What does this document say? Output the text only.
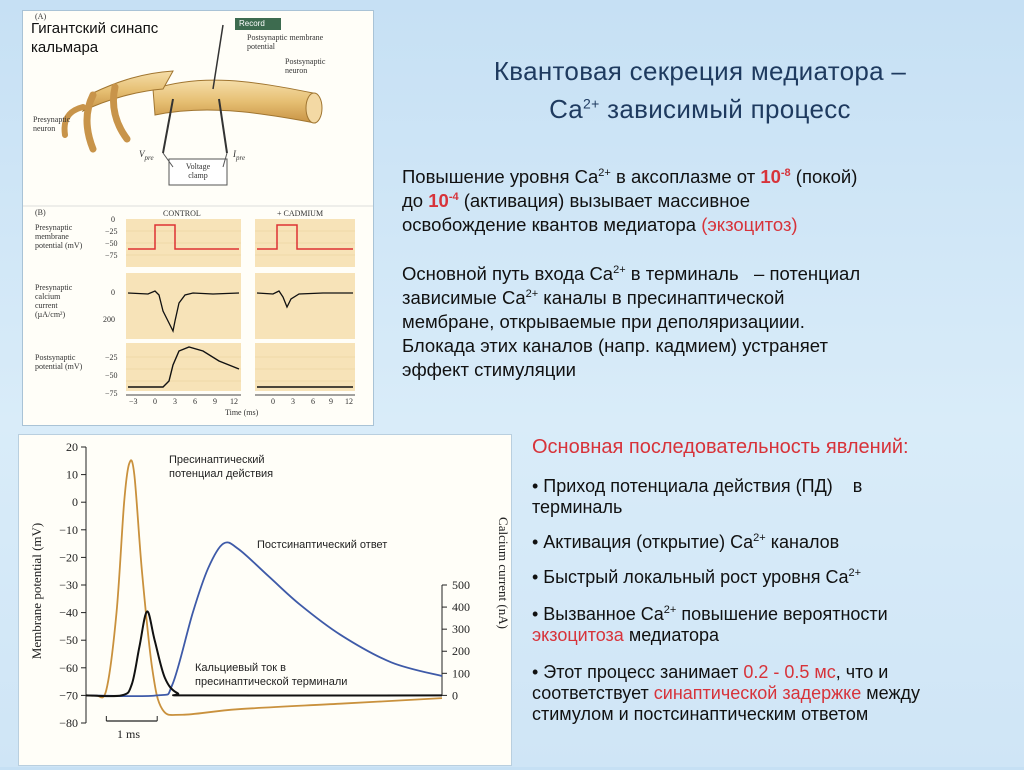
Гигантский синапс
кальмара
(A)
Record
Postsynaptic membrane
potential
Postsynaptic
neuron
Presynaptic
neuron
$V_{pre}$	$I_{pre}$
Voltage
clamp
(B)	CONTROL	+ CADMIUM
Presynaptic
membrane
potential (mV)
Presynaptic
calcium
current
(µA/cm²)
Postsynaptic
potential (mV)
0
−25
−50
−75
0
200
−25
−50
−75
−3 0 3 6 9 12	0 3 6 9 12
Time (ms)
Квантовая секреция медиатора –
$Ca^{2+}$ зависимый процесс
Повышение уровня $Ca^{2+}$ в аксоплазме от $10^{-8}$ (покой)
до $10^{-4}$ (активация) вызывает массивное
освобождение квантов медиатора (экзоцитоз)
Основной путь входа $Ca^{2+}$ в терминаль   – потенциал
зависимые $Ca^{2+}$ каналы в пресинаптической
мембране, открываемые при деполяризациии.
Блокада этих каналов (напр. кадмием) устраняет
эффект стимуляции
20
10
0
−10
−20
−30
−40
−50
−60
−70
−80
500
400
300
200
100
0
Membrane potential (mV)	Calcium current (nA)
Пресинаптический
потенциал действия
Постсинаптический ответ
Кальциевый ток в
пресинаптической терминали
1 ms
Основная последовательность явлений:
• Приход потенциала действия (ПД)    в
терминаль
• Активация (открытие) $Ca^{2+}$ каналов
• Быстрый локальный рост уровня $Ca^{2+}$
• Вызванное $Ca^{2+}$ повышение вероятности
экзоцитоза медиатора
• Этот процесс занимает 0.2 - 0.5 мс, что и
соответствует синаптической задержке между
стимулом и постсинаптическим ответом
